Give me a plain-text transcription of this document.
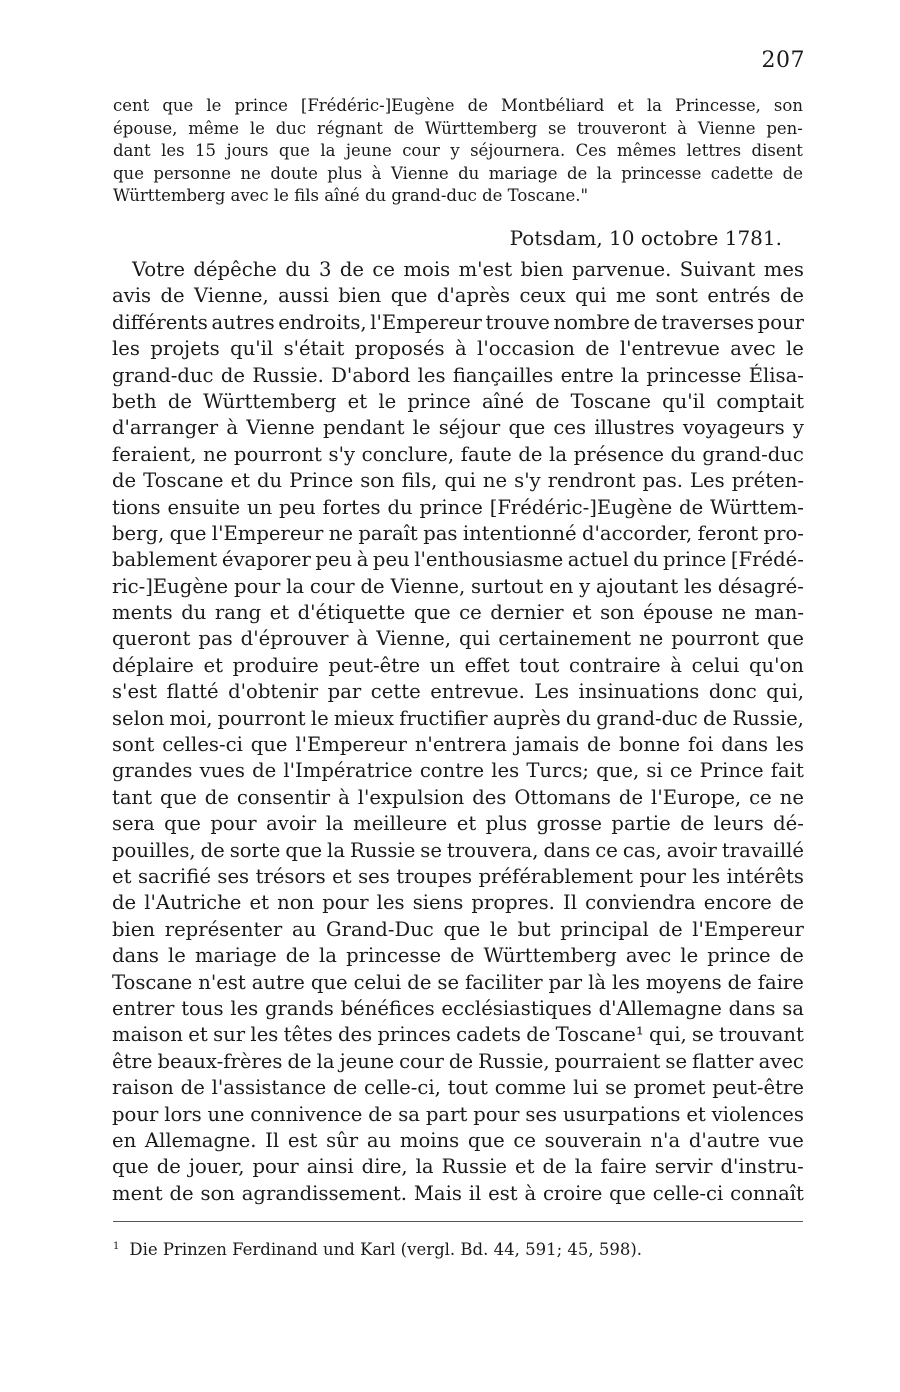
207
cent que le prince [Frédéric-]Eugène de Montbéliard et la Princesse, son
épouse, même le duc régnant de Württemberg se trouveront à Vienne pen-
dant les 15 jours que la jeune cour y séjournera. Ces mêmes lettres disent
que personne ne doute plus à Vienne du mariage de la princesse cadette de
Württemberg avec le fils aîné du grand-duc de Toscane."
Potsdam, 10 octobre 1781.
Votre dépêche du 3 de ce mois m'est bien parvenue. Suivant mes
avis de Vienne, aussi bien que d'après ceux qui me sont entrés de
différents autres endroits, l'Empereur trouve nombre de traverses pour
les projets qu'il s'était proposés à l'occasion de l'entrevue avec le
grand-duc de Russie. D'abord les fiançailles entre la princesse Élisa-
beth de Württemberg et le prince aîné de Toscane qu'il comptait
d'arranger à Vienne pendant le séjour que ces illustres voyageurs y
feraient, ne pourront s'y conclure, faute de la présence du grand-duc
de Toscane et du Prince son fils, qui ne s'y rendront pas. Les préten-
tions ensuite un peu fortes du prince [Frédéric-]Eugène de Württem-
berg, que l'Empereur ne paraît pas intentionné d'accorder, feront pro-
bablement évaporer peu à peu l'enthousiasme actuel du prince [Frédé-
ric-]Eugène pour la cour de Vienne, surtout en y ajoutant les désagré-
ments du rang et d'étiquette que ce dernier et son épouse ne man-
queront pas d'éprouver à Vienne, qui certainement ne pourront que
déplaire et produire peut-être un effet tout contraire à celui qu'on
s'est flatté d'obtenir par cette entrevue. Les insinuations donc qui,
selon moi, pourront le mieux fructifier auprès du grand-duc de Russie,
sont celles-ci que l'Empereur n'entrera jamais de bonne foi dans les
grandes vues de l'Impératrice contre les Turcs; que, si ce Prince fait
tant que de consentir à l'expulsion des Ottomans de l'Europe, ce ne
sera que pour avoir la meilleure et plus grosse partie de leurs dé-
pouilles, de sorte que la Russie se trouvera, dans ce cas, avoir travaillé
et sacrifié ses trésors et ses troupes préférablement pour les intérêts
de l'Autriche et non pour les siens propres. Il conviendra encore de
bien représenter au Grand-Duc que le but principal de l'Empereur
dans le mariage de la princesse de Württemberg avec le prince de
Toscane n'est autre que celui de se faciliter par là les moyens de faire
entrer tous les grands bénéfices ecclésiastiques d'Allemagne dans sa
maison et sur les têtes des princes cadets de Toscane¹ qui, se trouvant
être beaux-frères de la jeune cour de Russie, pourraient se flatter avec
raison de l'assistance de celle-ci, tout comme lui se promet peut-être
pour lors une connivence de sa part pour ses usurpations et violences
en Allemagne. Il est sûr au moins que ce souverain n'a d'autre vue
que de jouer, pour ainsi dire, la Russie et de la faire servir d'instru-
ment de son agrandissement. Mais il est à croire que celle-ci connaît
$^1$ Die Prinzen Ferdinand und Karl (vergl. Bd. 44, 591; 45, 598).
